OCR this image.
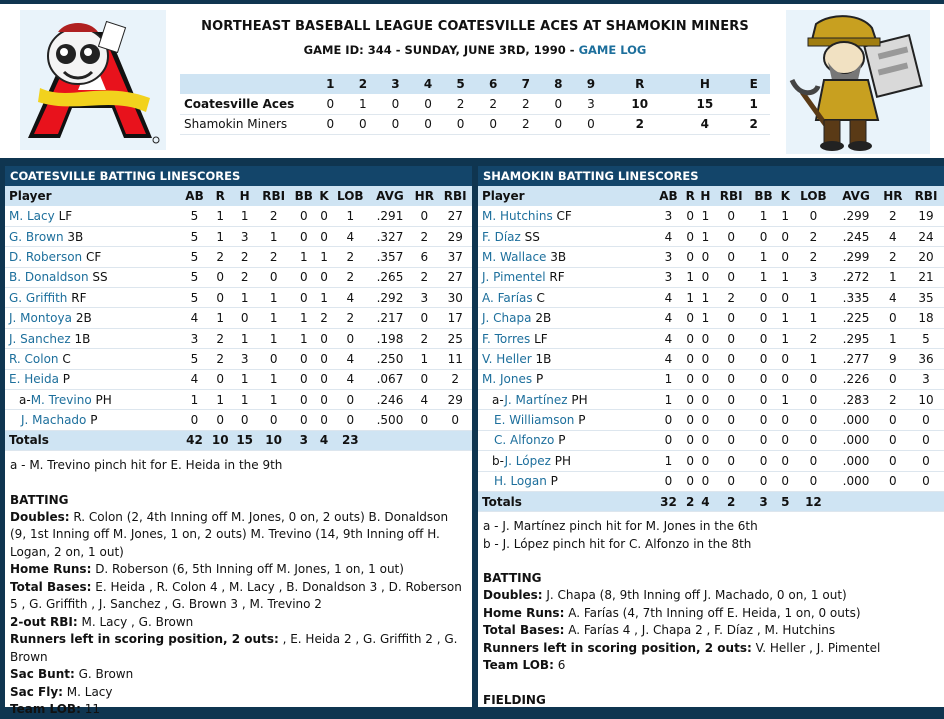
NORTHEAST BASEBALL LEAGUE COATESVILLE ACES AT SHAMOKIN MINERS
GAME ID: 344 - SUNDAY, JUNE 3RD, 1990 - GAME LOG
	1	2	3	4	5	6	7	8	9	R	H	E
Coatesville Aces	0	1	0	0	2	2	2	0	3	10	15	1
Shamokin Miners	0	0	0	0	0	0	2	0	0	2	4	2
COATESVILLE BATTING LINESCORES
Player	AB	R	H	RBI	BB	K	LOB	AVG	HR	RBI
M. Lacy LF	5	1	1	2	0	0	1	.291	0	27
G. Brown 3B	5	1	3	1	0	0	4	.327	2	29
D. Roberson CF	5	2	2	2	1	1	2	.357	6	37
B. Donaldson SS	5	0	2	0	0	0	2	.265	2	27
G. Griffith RF	5	0	1	1	0	1	4	.292	3	30
J. Montoya 2B	4	1	0	1	1	2	2	.217	0	17
J. Sanchez 1B	3	2	1	1	1	0	0	.198	2	25
R. Colon C	5	2	3	0	0	0	4	.250	1	11
E. Heida P	4	0	1	1	0	0	4	.067	0	2
a-M. Trevino PH	1	1	1	1	0	0	0	.246	4	29
J. Machado P	0	0	0	0	0	0	0	.500	0	0
Totals	42	10	15	10	3	4	23			
a - M. Trevino pinch hit for E. Heida in the 9th
BATTING
Doubles: R. Colon (2, 4th Inning off M. Jones, 0 on, 2 outs) B. Donaldson (9, 1st Inning off M. Jones, 1 on, 2 outs) M. Trevino (14, 9th Inning off H. Logan, 2 on, 1 out)
Home Runs: D. Roberson (6, 5th Inning off M. Jones, 1 on, 1 out)
Total Bases: E. Heida , R. Colon 4 , M. Lacy , B. Donaldson 3 , D. Roberson 5 , G. Griffith , J. Sanchez , G. Brown 3 , M. Trevino 2
2-out RBI: M. Lacy , G. Brown
Runners left in scoring position, 2 outs: , E. Heida 2 , G. Griffith 2 , G. Brown
Sac Bunt: G. Brown
Sac Fly: M. Lacy
Team LOB: 11
SHAMOKIN BATTING LINESCORES
Player	AB	R	H	RBI	BB	K	LOB	AVG	HR	RBI
M. Hutchins CF	3	0	1	0	1	1	0	.299	2	19
F. Díaz SS	4	0	1	0	0	0	2	.245	4	24
M. Wallace 3B	3	0	0	0	1	0	2	.299	2	20
J. Pimentel RF	3	1	0	0	1	1	3	.272	1	21
A. Farías C	4	1	1	2	0	0	1	.335	4	35
J. Chapa 2B	4	0	1	0	0	1	1	.225	0	18
F. Torres LF	4	0	0	0	0	1	2	.295	1	5
V. Heller 1B	4	0	0	0	0	0	1	.277	9	36
M. Jones P	1	0	0	0	0	0	0	.226	0	3
a-J. Martínez PH	1	0	0	0	0	1	0	.283	2	10
E. Williamson P	0	0	0	0	0	0	0	.000	0	0
C. Alfonzo P	0	0	0	0	0	0	0	.000	0	0
b-J. López PH	1	0	0	0	0	0	0	.000	0	0
H. Logan P	0	0	0	0	0	0	0	.000	0	0
Totals	32	2	4	2	3	5	12			
a - J. Martínez pinch hit for M. Jones in the 6th
b - J. López pinch hit for C. Alfonzo in the 8th
BATTING
Doubles: J. Chapa (8, 9th Inning off J. Machado, 0 on, 1 out)
Home Runs: A. Farías (4, 7th Inning off E. Heida, 1 on, 0 outs)
Total Bases: A. Farías 4 , J. Chapa 2 , F. Díaz , M. Hutchins
Runners left in scoring position, 2 outs: V. Heller , J. Pimentel
Team LOB: 6
FIELDING
